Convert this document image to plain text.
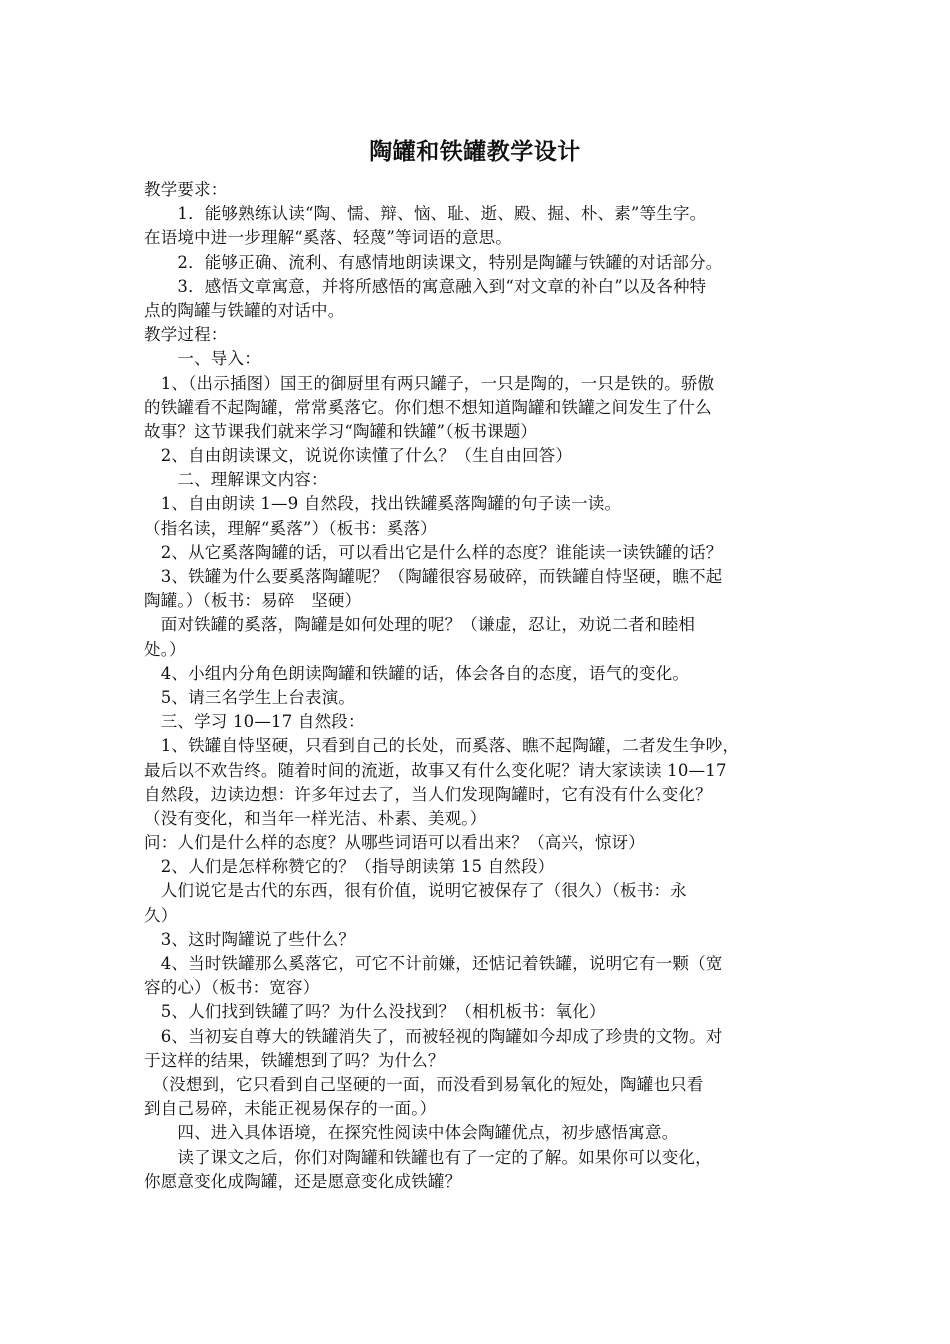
陶罐和铁罐教学设计
教学要求：
　　1．能够熟练认读“陶、懦、辩、恼、耻、逝、殿、掘、朴、素”等生字。
在语境中进一步理解“奚落、轻蔑”等词语的意思。
　　2．能够正确、流利、有感情地朗读课文，特别是陶罐与铁罐的对话部分。
　　3．感悟文章寓意，并将所感悟的寓意融入到“对文章的补白”以及各种特
点的陶罐与铁罐的对话中。
教学过程：
　　一、导入：
　1、（出示插图）国王的御厨里有两只罐子，一只是陶的，一只是铁的。骄傲
的铁罐看不起陶罐，常常奚落它。你们想不想知道陶罐和铁罐之间发生了什么
故事？这节课我们就来学习“陶罐和铁罐”（板书课题）
　2、自由朗读课文，说说你读懂了什么？（生自由回答）
　　二、理解课文内容：
　1、自由朗读 1—9 自然段，找出铁罐奚落陶罐的句子读一读。
（指名读，理解“奚落”）（板书：奚落）
　2、从它奚落陶罐的话，可以看出它是什么样的态度？谁能读一读铁罐的话？
　3、铁罐为什么要奚落陶罐呢？（陶罐很容易破碎，而铁罐自恃坚硬，瞧不起
陶罐。）（板书：易碎　坚硬）
　面对铁罐的奚落，陶罐是如何处理的呢？（谦虚，忍让，劝说二者和睦相
处。）
　4、小组内分角色朗读陶罐和铁罐的话，体会各自的态度，语气的变化。
　5、请三名学生上台表演。
　三、学习 10—17 自然段：
　1、铁罐自恃坚硬，只看到自己的长处，而奚落、瞧不起陶罐，二者发生争吵，
最后以不欢告终。随着时间的流逝，故事又有什么变化呢？请大家读读 10—17
自然段，边读边想：许多年过去了，当人们发现陶罐时，它有没有什么变化？
（没有变化，和当年一样光洁、朴素、美观。）
问：人们是什么样的态度？从哪些词语可以看出来？（高兴，惊讶）
　2、人们是怎样称赞它的？（指导朗读第 15 自然段）
　人们说它是古代的东西，很有价值，说明它被保存了（很久）（板书：永
久）
　3、这时陶罐说了些什么？
　4、当时铁罐那么奚落它，可它不计前嫌，还惦记着铁罐，说明它有一颗（宽
容的心）（板书：宽容）
　5、人们找到铁罐了吗？为什么没找到？（相机板书：氧化）
　6、当初妄自尊大的铁罐消失了，而被轻视的陶罐如今却成了珍贵的文物。对
于这样的结果，铁罐想到了吗？为什么？
　（没想到，它只看到自己坚硬的一面，而没看到易氧化的短处，陶罐也只看
到自己易碎，未能正视易保存的一面。）
　　四、进入具体语境，在探究性阅读中体会陶罐优点，初步感悟寓意。
　　读了课文之后，你们对陶罐和铁罐也有了一定的了解。如果你可以变化，
你愿意变化成陶罐，还是愿意变化成铁罐？
